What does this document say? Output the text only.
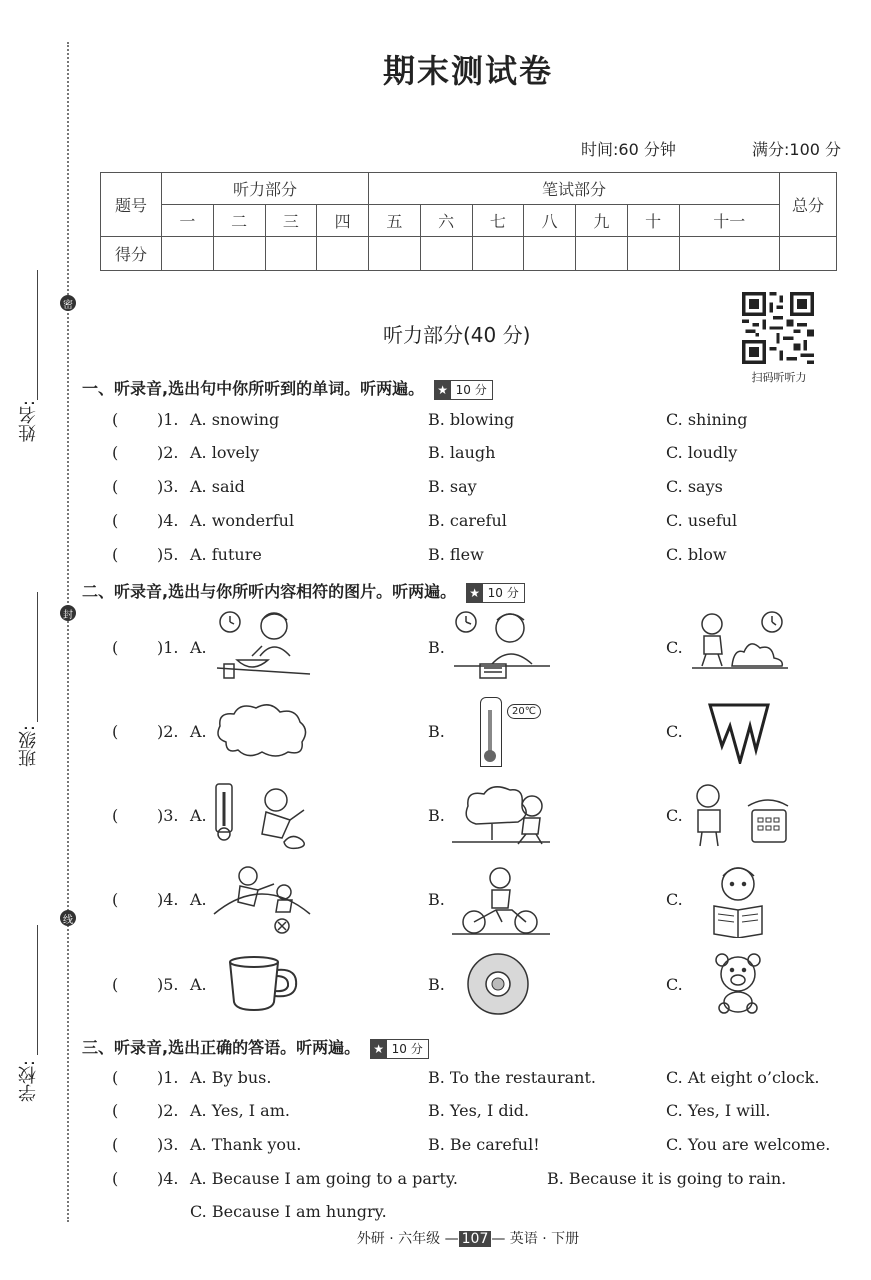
姓名:
班级:
学校:
密
封
线
期末测试卷
时间:60 分钟	满分:100 分
题号	听力部分				笔试部分							总分
	一	二	三	四	五	六	七	八	九	十	十一	
得分												
扫码听听力
听力部分(40 分)
一、听录音,选出句中你所听到的单词。听两遍。 ★ 10 分
( )1. A. snowing	B. blowing	C. shining
( )2. A. lovely	B. laugh	C. loudly
( )3. A. said	B. say	C. says
( )4. A. wonderful	B. careful	C. useful
( )5. A. future	B. flew	C. blow
二、听录音,选出与你所听内容相符的图片。听两遍。 ★ 10 分
( )1. A.	B.	C.
( )2. A.	B.	C.
20℃
( )3. A.	B.	C.
( )4. A.	B.	C.
( )5. A.	B.	C.
三、听录音,选出正确的答语。听两遍。 ★ 10 分
( )1. A. By bus.	B. To the restaurant.	C. At eight o’clock.
( )2. A. Yes, I am.	B. Yes, I did.	C. Yes, I will.
( )3. A. Thank you.	B. Be careful!	C. You are welcome.
( )4. A. Because I am going to a party.	B. Because it is going to rain.
C. Because I am hungry.
外研 · 六年级 — 107 — 英语 · 下册
